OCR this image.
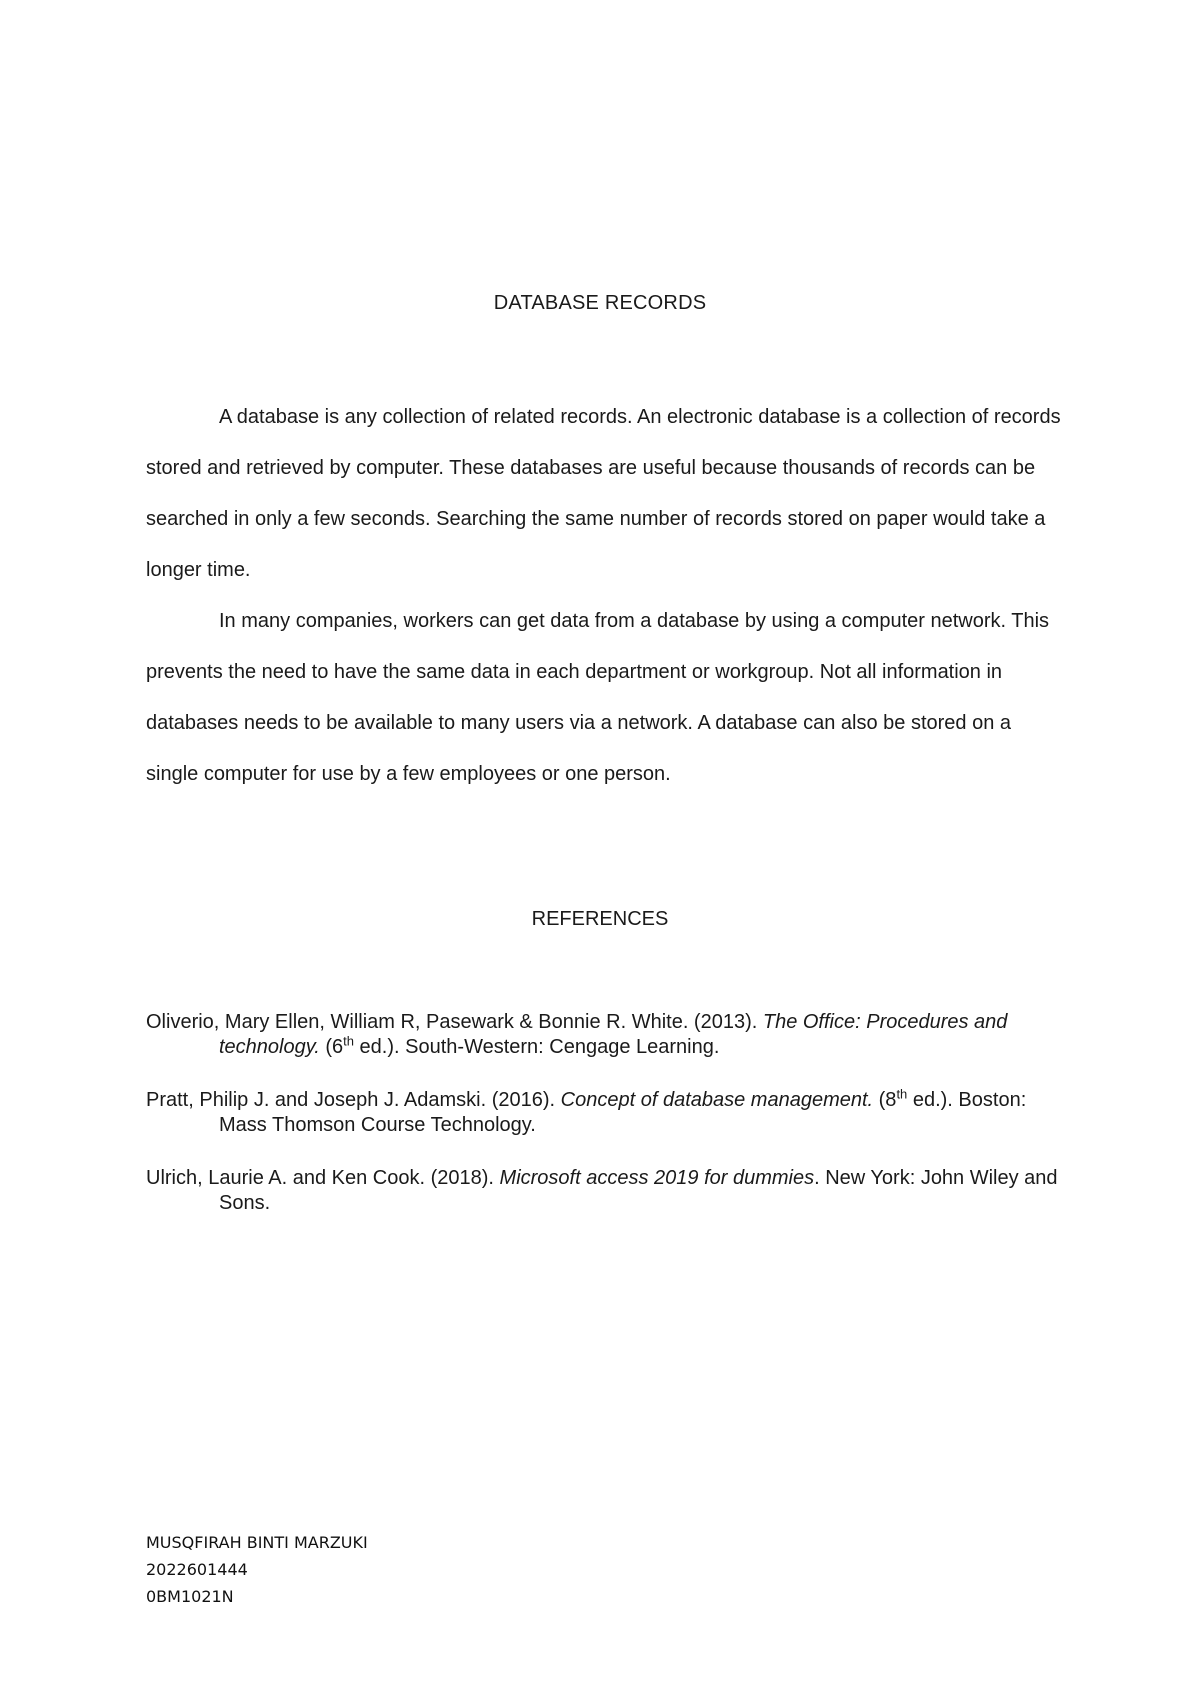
DATABASE RECORDS

A database is any collection of related records. An electronic database is a collection of records stored and retrieved by computer. These databases are useful because thousands of records can be searched in only a few seconds. Searching the same number of records stored on paper would take a longer time.

In many companies, workers can get data from a database by using a computer network. This prevents the need to have the same data in each department or workgroup. Not all information in databases needs to be available to many users via a network. A database can also be stored on a single computer for use by a few employees or one person.

REFERENCES

Oliverio, Mary Ellen, William R, Pasewark & Bonnie R. White. (2013). The Office: Procedures and technology. (6th ed.). South-Western: Cengage Learning.

Pratt, Philip J. and Joseph J. Adamski. (2016). Concept of database management. (8th ed.). Boston: Mass Thomson Course Technology.

Ulrich, Laurie A. and Ken Cook. (2018). Microsoft access 2019 for dummies. New York: John Wiley and Sons.

MUSQFIRAH BINTI MARZUKI
2022601444
0BM1021N
